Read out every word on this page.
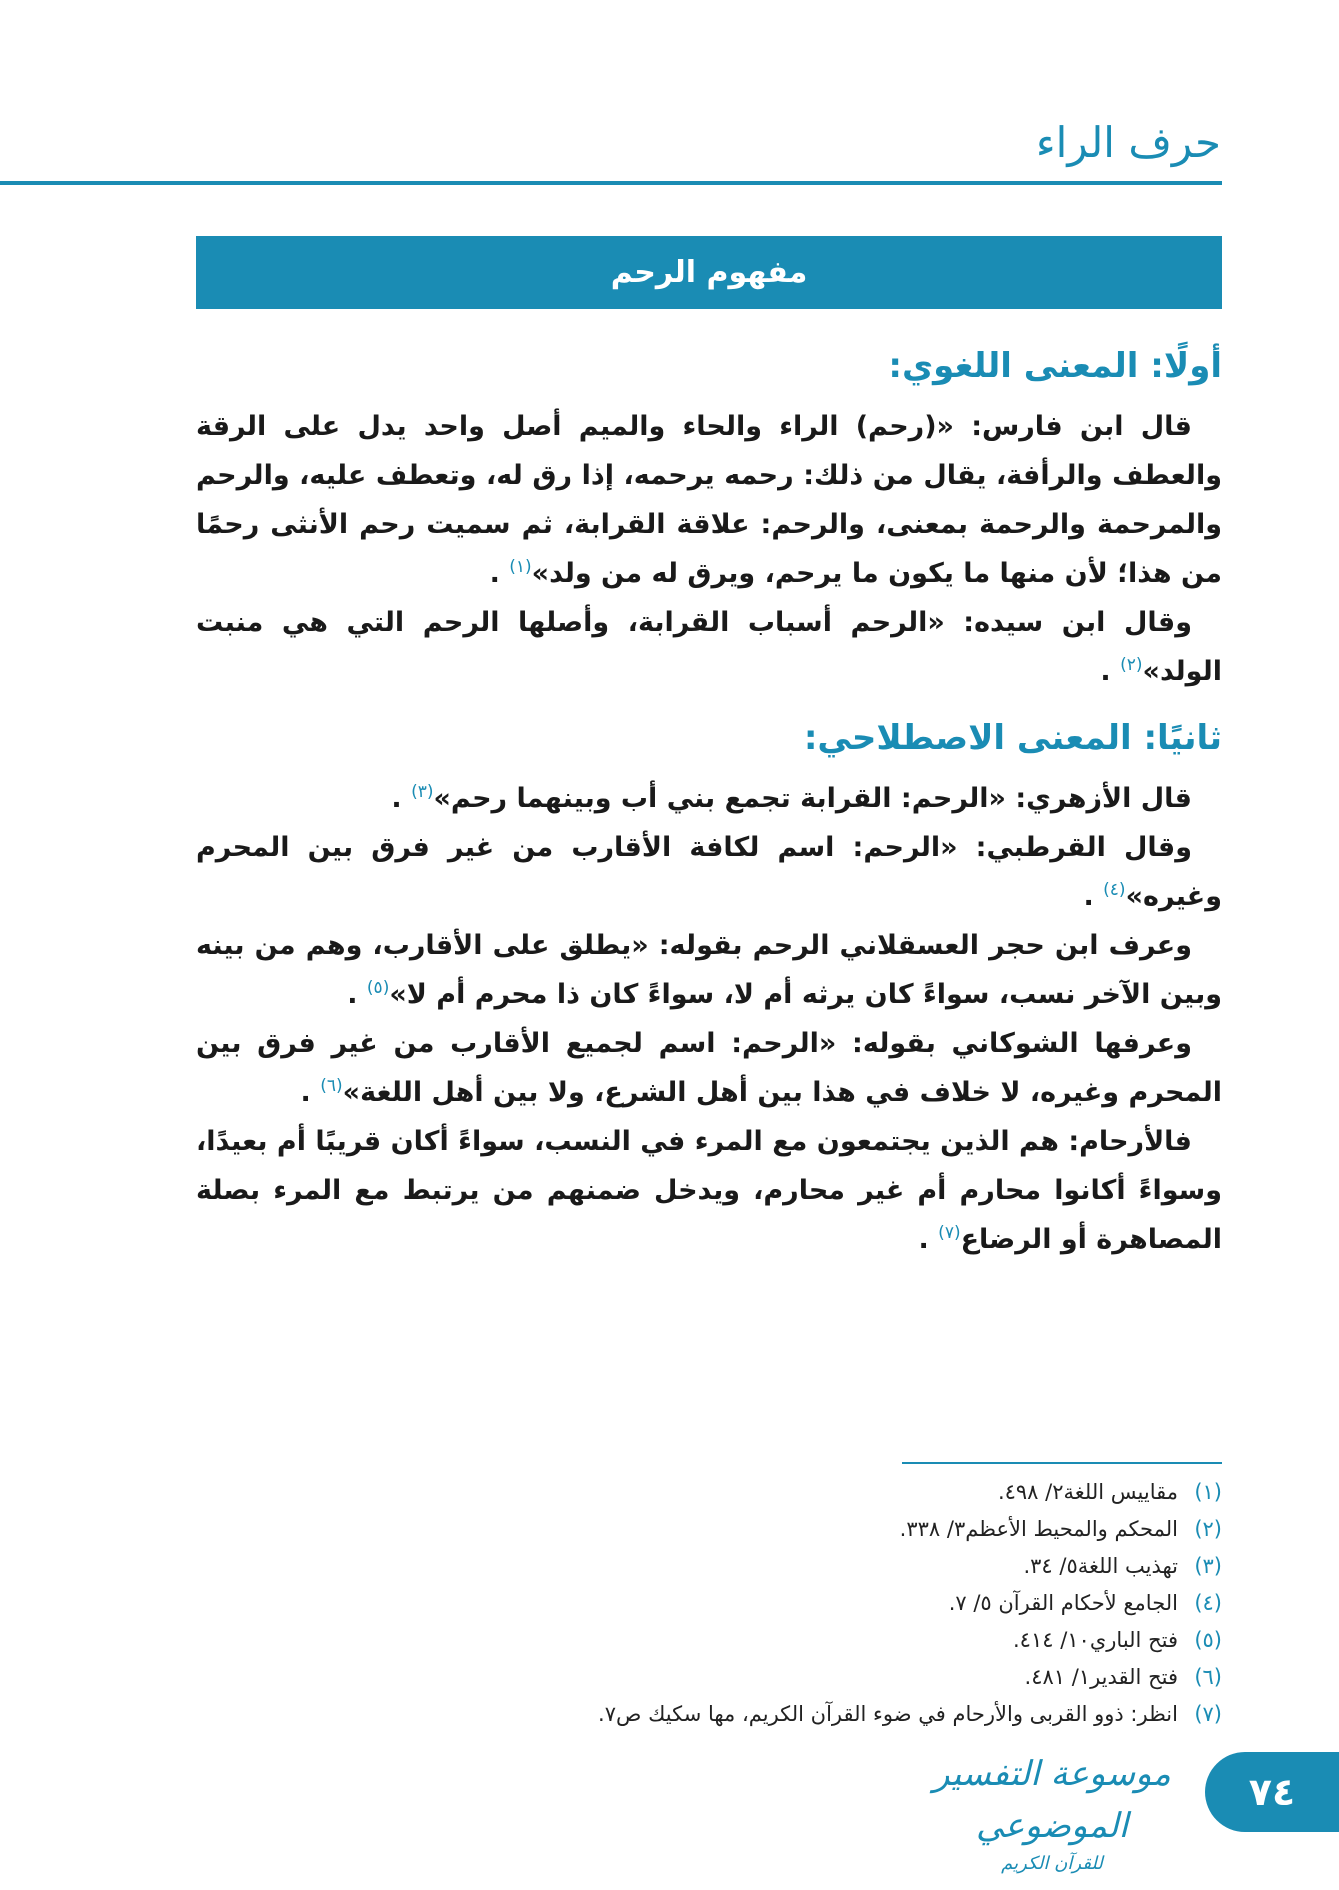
حرف الراء
مفهوم الرحم
أولًا: المعنى اللغوي:

قال ابن فارس: «(رحم) الراء والحاء والميم أصل واحد يدل على الرقة والعطف والرأفة، يقال من ذلك: رحمه يرحمه، إذا رق له، وتعطف عليه، والرحم والمرحمة والرحمة بمعنى، والرحم: علاقة القرابة، ثم سميت رحم الأنثى رحمًا من هذا؛ لأن منها ما يكون ما يرحم، ويرق له من ولد»$^{(١)}$ .

وقال ابن سيده: «الرحم أسباب القرابة، وأصلها الرحم التي هي منبت الولد»$^{(٢)}$ .

ثانيًا: المعنى الاصطلاحي:

قال الأزهري: «الرحم: القرابة تجمع بني أب وبينهما رحم»$^{(٣)}$ .

وقال القرطبي: «الرحم: اسم لكافة الأقارب من غير فرق بين المحرم وغيره»$^{(٤)}$ .

وعرف ابن حجر العسقلاني الرحم بقوله: «يطلق على الأقارب، وهم من بينه وبين الآخر نسب، سواءً كان يرثه أم لا، سواءً كان ذا محرم أم لا»$^{(٥)}$ .

وعرفها الشوكاني بقوله: «الرحم: اسم لجميع الأقارب من غير فرق بين المحرم وغيره، لا خلاف في هذا بين أهل الشرع، ولا بين أهل اللغة»$^{(٦)}$ .

فالأرحام: هم الذين يجتمعون مع المرء في النسب، سواءً أكان قريبًا أم بعيدًا، وسواءً أكانوا محارم أم غير محارم، ويدخل ضمنهم من يرتبط مع المرء بصلة المصاهرة أو الرضاع$^{(٧)}$ .

(١)
مقاييس اللغة٢/ ٤٩٨.
(٢)
المحكم والمحيط الأعظم٣/ ٣٣٨.
(٣)
تهذيب اللغة٥/ ٣٤.
(٤)
الجامع لأحكام القرآن ٥/ ٧.
(٥)
فتح الباري١٠/ ٤١٤.
(٦)
فتح القدير١/ ٤٨١.
(٧)
انظر: ذوو القربى والأرحام في ضوء القرآن الكريم، مها سكيك ص٧.
موسوعة التفسير الموضوعي
للقرآن الكريم
٧٤
